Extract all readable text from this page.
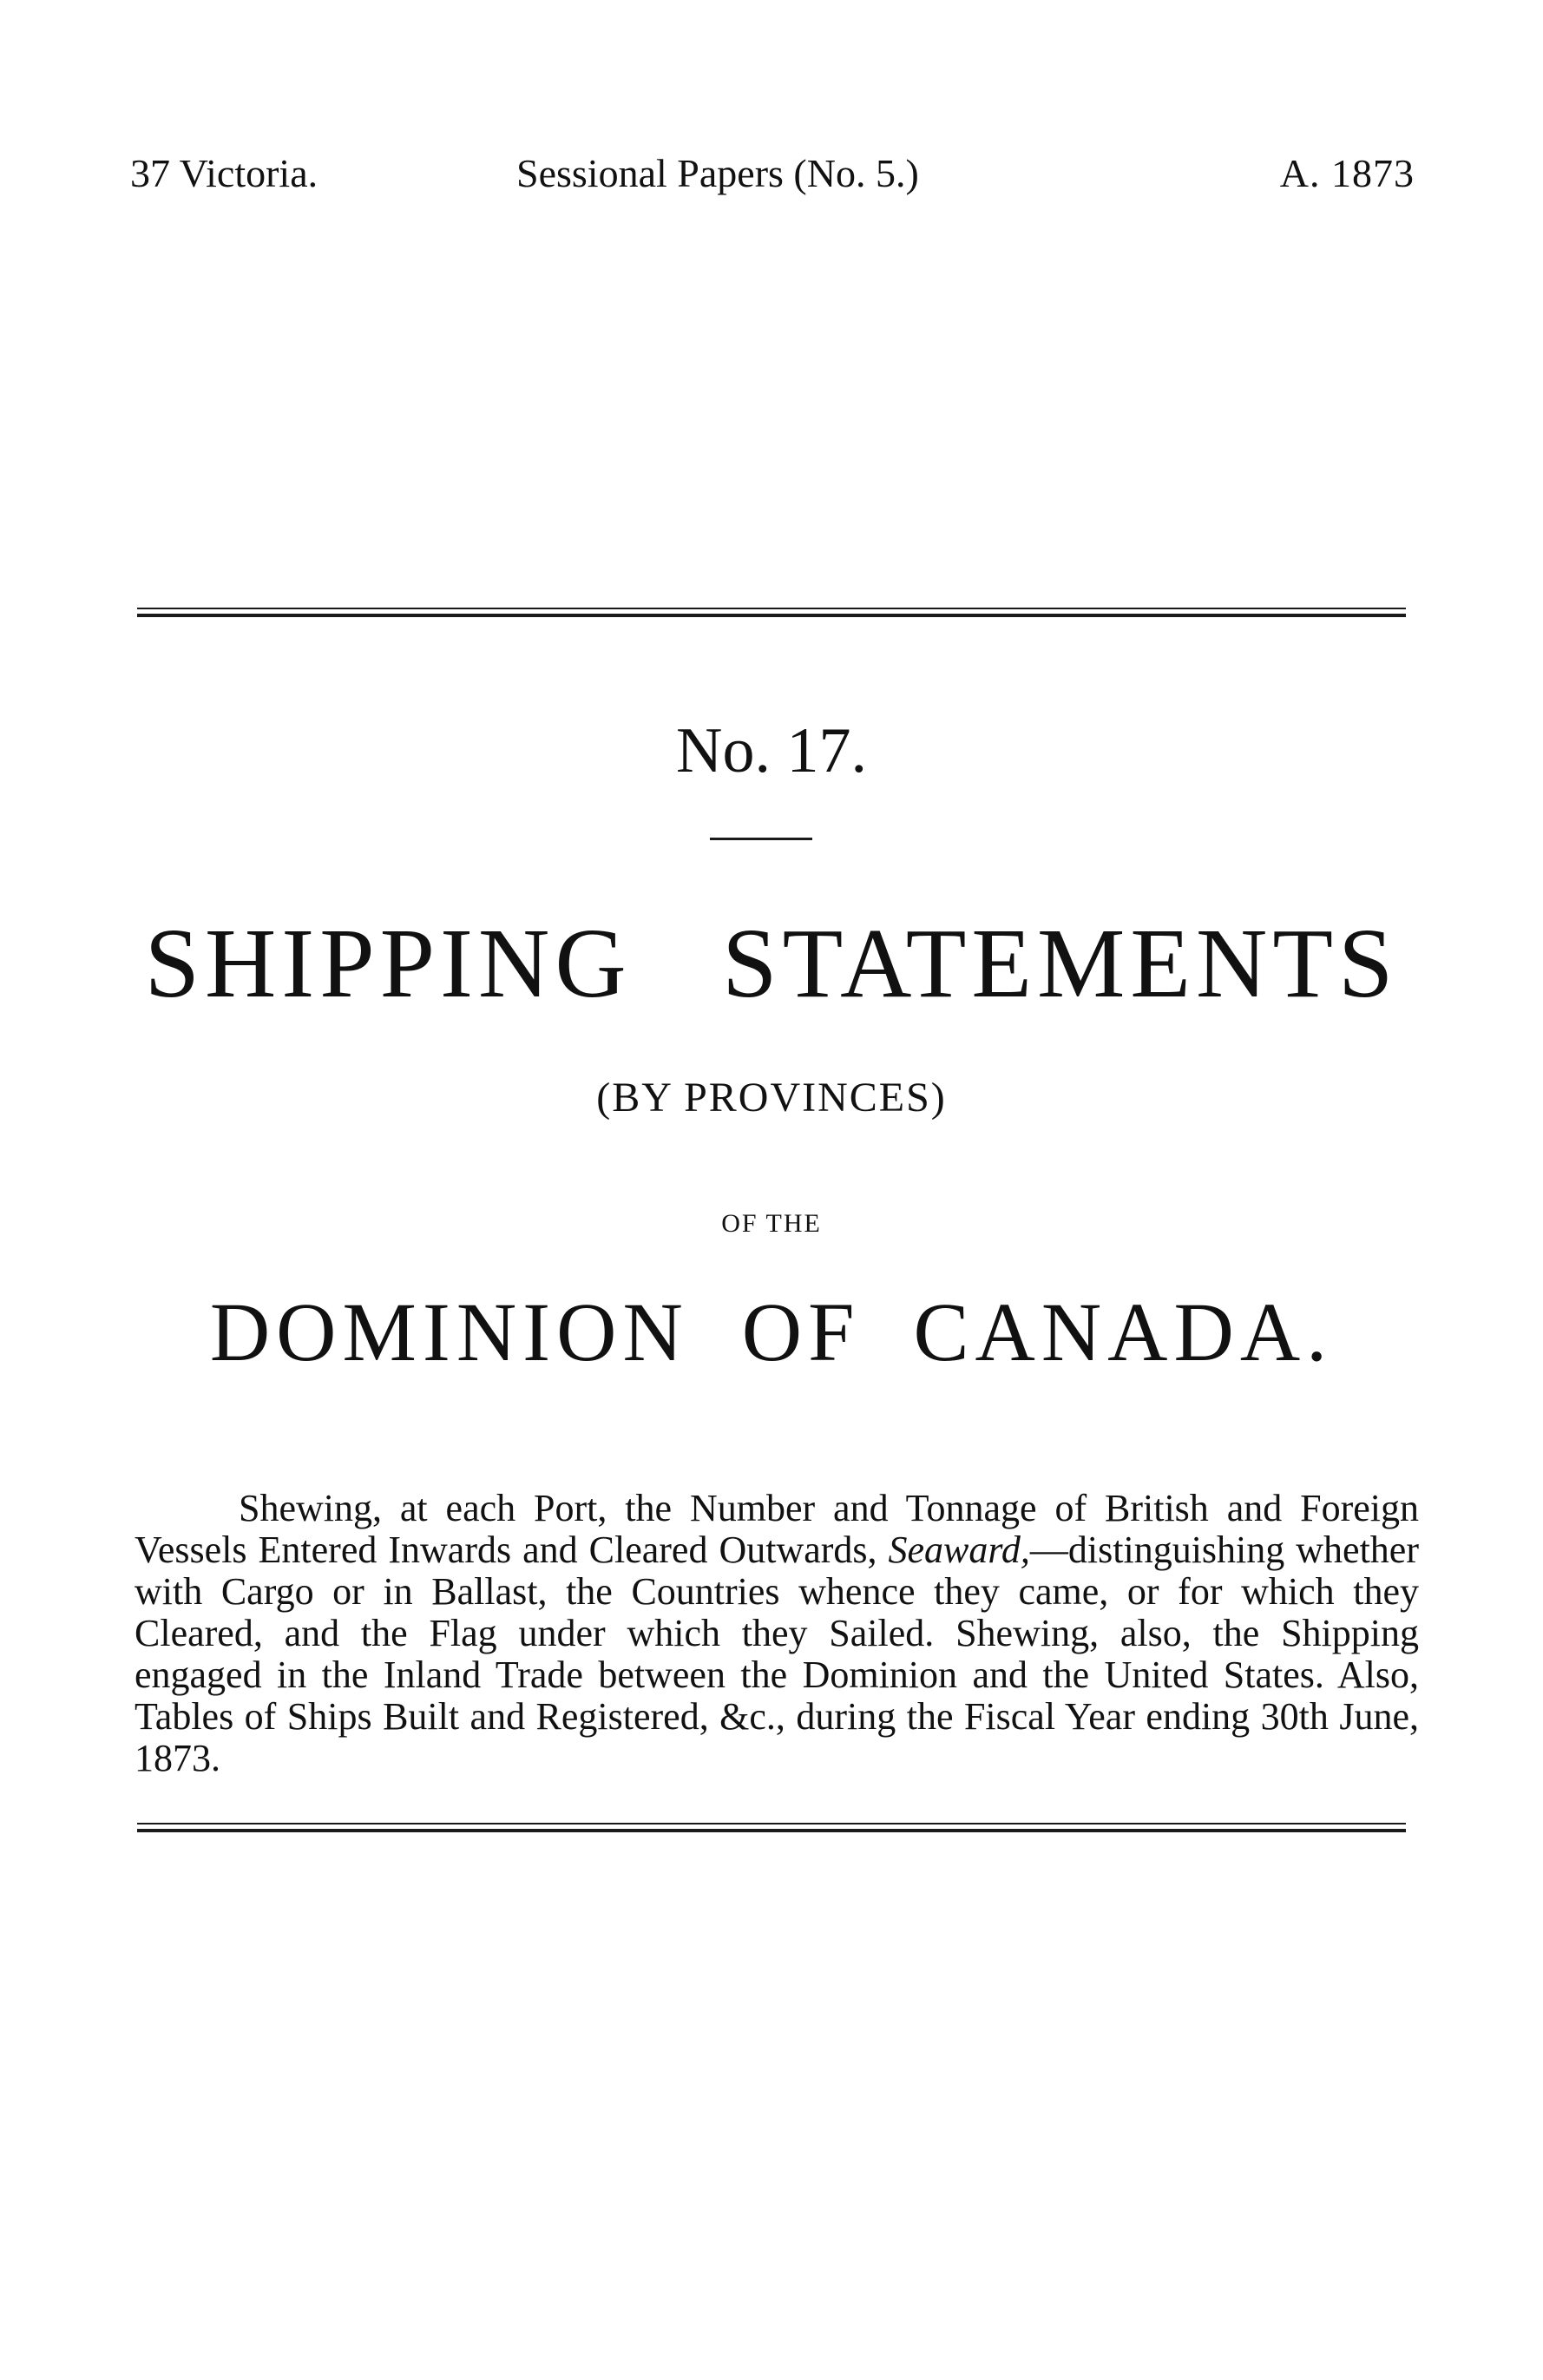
37 Victoria.	Sessional Papers (No. 5.)	A. 1873
No. 17.
SHIPPING STATEMENTS
(BY PROVINCES)
OF THE
DOMINION OF CANADA.

Shewing, at each Port, the Number and Tonnage of British and Foreign Vessels Entered Inwards and Cleared Outwards, Seaward,—distinguishing whether with Cargo or in Ballast, the Countries whence they came, or for which they Cleared, and the Flag under which they Sailed. Shewing, also, the Shipping engaged in the Inland Trade between the Dominion and the United States. Also, Tables of Ships Built and Registered, &c., during the Fiscal Year ending 30th June, 1873.
